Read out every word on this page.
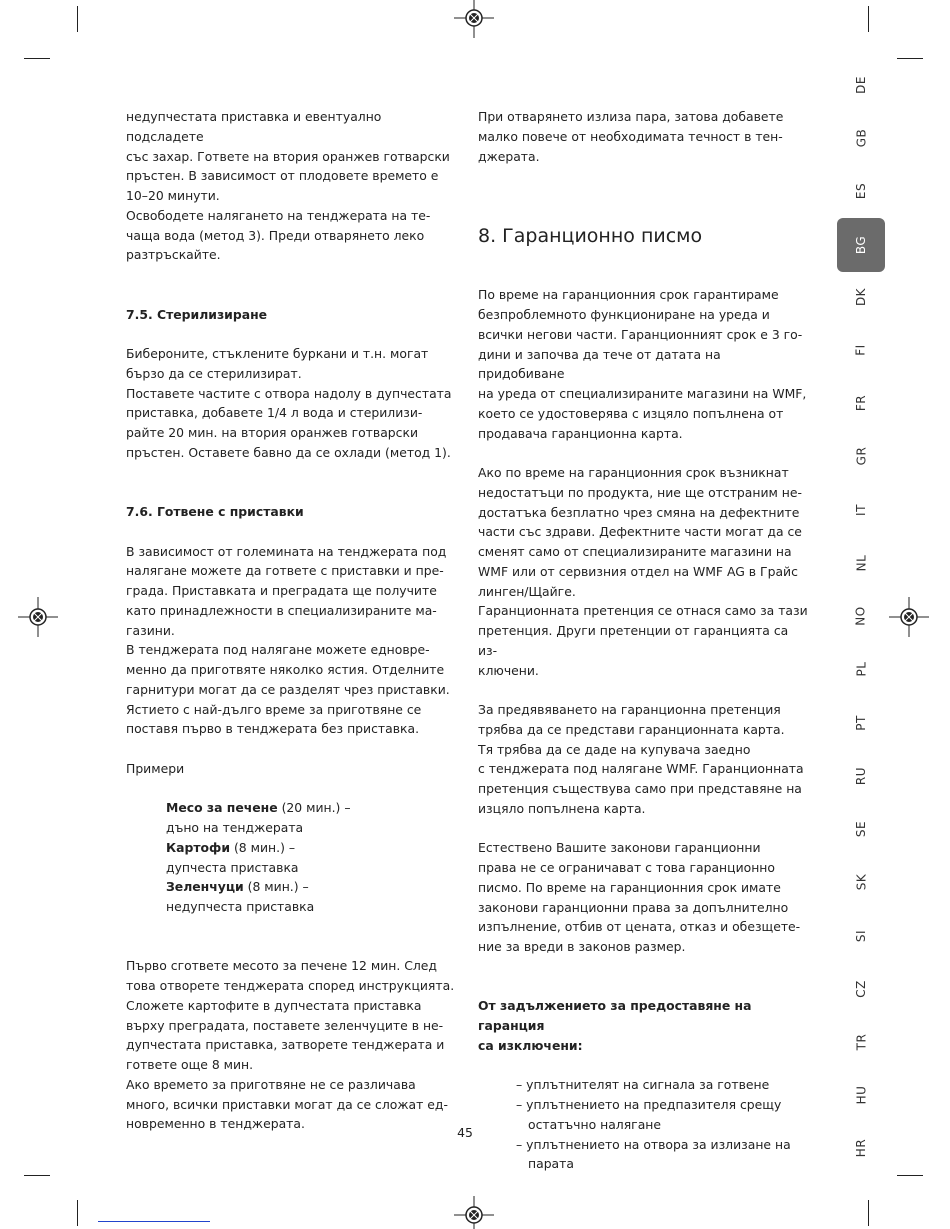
недупчестата приставка и евентуално подсладете
със захар. Гответе на втория оранжев готварски
пръстен. В зависимост от плодовете времето е
10–20 минути.

Освободете налягането на тенджерата на те-
чаща вода (метод 3). Преди отварянето леко
разтръскайте.

7.5. Стерилизиране

Бибероните, стъклените буркани и т.н. могат
бързо да се стерилизират.

Поставете частите с отвора надолу в дупчестата
приставка, добавете 1/4 л вода и стерилизи-
райте 20 мин. на втория оранжев готварски
пръстен. Оставете бавно да се охлади (метод 1).

7.6. Готвене с приставки

В зависимост от големината на тенджерата под
налягане можете да гответе с приставки и пре-
града. Приставката и преградата ще получите
като принадлежности в специализираните ма-
газини.

В тенджерата под налягане можете едновре-
менно да приготвяте няколко ястия. Отделните
гарнитури могат да се разделят чрез приставки.
Ястието с най-дълго време за приготвяне се
поставя първо в тенджерата без приставка.

Примери

Месо за печене (20 мин.) –

дъно на тенджерата

Картофи (8 мин.) –

дупчеста приставка

Зеленчуци (8 мин.) –

недупчеста приставка

Първо сгответе месото за печене 12 мин. След
това отворете тенджерата според инструкцията.
Сложете картофите в дупчестата приставка
върху преградата, поставете зеленчуците в не-
дупчестата приставка, затворете тенджерата и
гответе още 8 мин.

Ако времето за приготвяне не се различава
много, всички приставки могат да се сложат ед-
новременно в тенджерата.

При отварянето излиза пара, затова добавете
малко повече от необходимата течност в тен-
джерата.

8. Гаранционно писмо

По време на гаранционния срок гарантираме
безпроблемното функциониране на уреда и
всички негови части. Гаранционният срок е 3 го-
дини и започва да тече от датата на придобиване
на уреда от специализираните магазини на WMF,
което се удостоверява с изцяло попълнена от
продавача гаранционна карта.

Ако по време на гаранционния срок възникнат
недостатъци по продукта, ние ще отстраним не-
достатъка безплатно чрез смяна на дефектните
части със здрави. Дефектните части могат да се
сменят само от специализираните магазини на
WMF или от сервизния отдел на WMF AG в Грайс
линген/Щайге.

Гаранционната претенция се отнася само за тази
претенция. Други претенции от гаранцията са из-
ключени.

За предявяването на гаранционна претенция
трябва да се представи гаранционната карта.
Тя трябва да се даде на купувача заедно
с тенджерата под налягане WMF. Гаранционната
претенция съществува само при представяне на
изцяло попълнена карта.

Естествено Вашите законови гаранционни
права не се ограничават с това гаранционно
писмо. По време на гаранционния срок имате
законови гаранционни права за допълнително
изпълнение, отбив от цената, отказ и обезщете-
ние за вреди в законов размер.

От задължението за предоставяне на гаранция
са изключени:

– уплътнителят на сигнала за готвене

– уплътнението на предпазителя срещу
остатъчно налягане

– уплътнението на отвора за излизане на
парата

45
DE
GB
ES
BG
DK
FI
FR
GR
IT
NL
NO
PL
PT
RU
SE
SK
SI
CZ
TR
HU
HR
